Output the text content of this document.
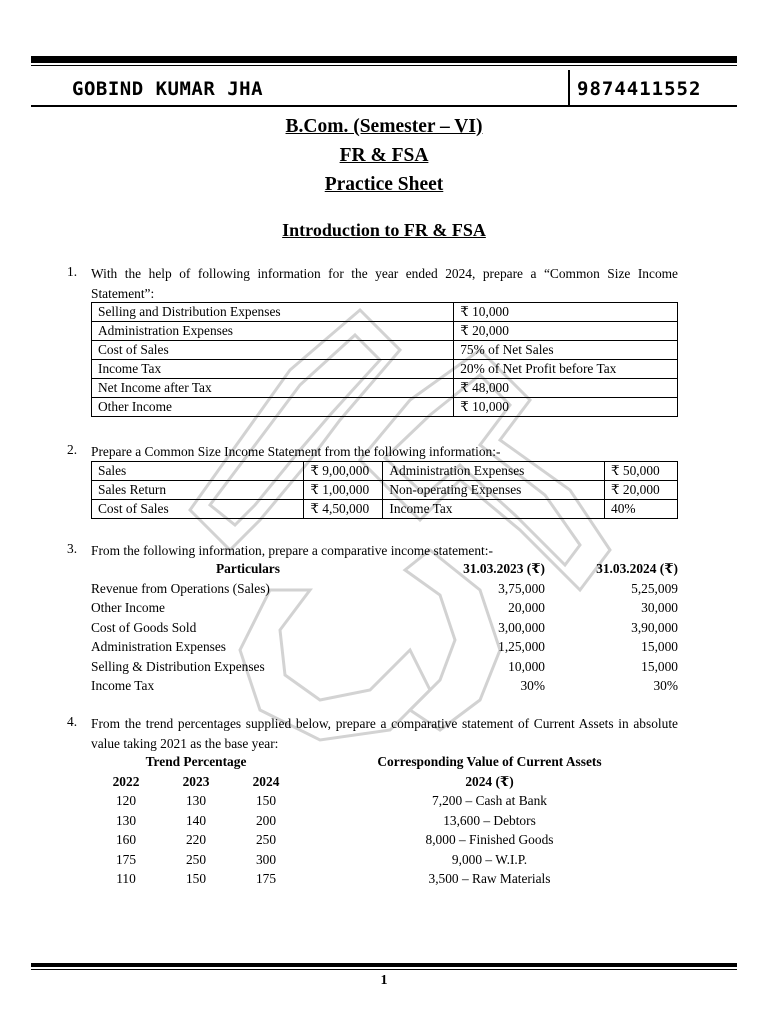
GOBIND KUMAR JHA	9874411552
B.Com. (Semester – VI)
FR & FSA
Practice Sheet
Introduction to FR & FSA
1. With the help of following information for the year ended 2024, prepare a “Common Size Income Statement”:
Selling and Distribution Expenses	₹ 10,000
Administration Expenses	₹ 20,000
Cost of Sales	75% of Net Sales
Income Tax	20% of Net Profit before Tax
Net Income after Tax	₹ 48,000
Other Income	₹ 10,000
2. Prepare a Common Size Income Statement from the following information:-
Sales	₹ 9,00,000	Administration Expenses	₹ 50,000
Sales Return	₹ 1,00,000	Non-operating Expenses	₹ 20,000
Cost of Sales	₹ 4,50,000	Income Tax	40%
3. From the following information, prepare a comparative income statement:-
Particulars	31.03.2023 (₹)	31.03.2024 (₹)
Revenue from Operations (Sales)	3,75,000	5,25,009
Other Income	20,000	30,000
Cost of Goods Sold	3,00,000	3,90,000
Administration Expenses	1,25,000	15,000
Selling & Distribution Expenses	10,000	15,000
Income Tax	30%	30%
4. From the trend percentages supplied below, prepare a comparative statement of Current Assets in absolute value taking 2021 as the base year:
Trend Percentage			Corresponding Value of Current Assets
2022	2023	2024	2024 (₹)
120	130	150	7,200 – Cash at Bank
130	140	200	13,600 – Debtors
160	220	250	8,000 – Finished Goods
175	250	300	9,000 – W.I.P.
110	150	175	3,500 – Raw Materials
1
